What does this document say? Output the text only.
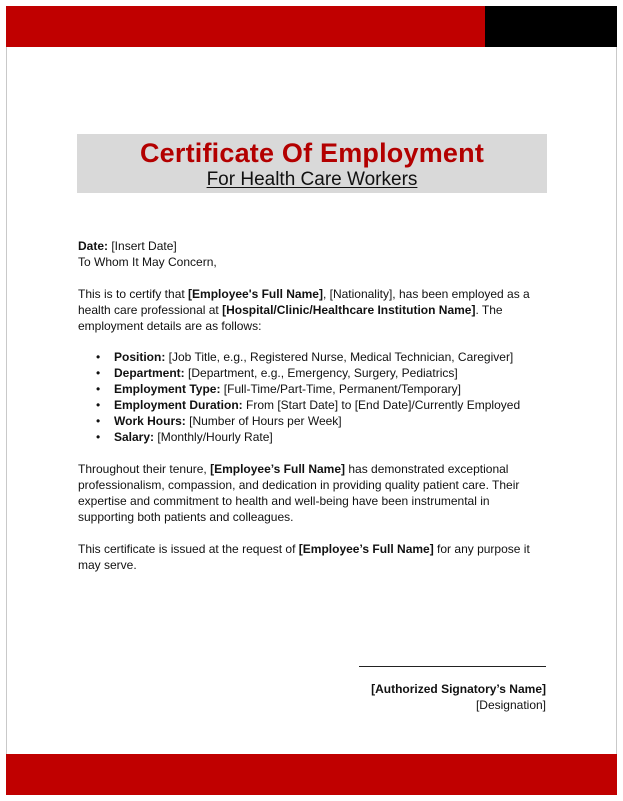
Certificate Of Employment
For Health Care Workers

Date: [Insert Date]

To Whom It May Concern,

This is to certify that [Employee's Full Name], [Nationality], has been employed as a health care professional at [Hospital/Clinic/Healthcare Institution Name]. The employment details are as follows:

• Position: [Job Title, e.g., Registered Nurse, Medical Technician, Caregiver]
• Department: [Department, e.g., Emergency, Surgery, Pediatrics]
• Employment Type: [Full-Time/Part-Time, Permanent/Temporary]
• Employment Duration: From [Start Date] to [End Date]/Currently Employed
• Work Hours: [Number of Hours per Week]
• Salary: [Monthly/Hourly Rate]

Throughout their tenure, [Employee’s Full Name] has demonstrated exceptional professionalism, compassion, and dedication in providing quality patient care. Their expertise and commitment to health and well-being have been instrumental in supporting both patients and colleagues.

This certificate is issued at the request of [Employee’s Full Name] for any purpose it may serve.

[Authorized Signatory’s Name]
[Designation]
